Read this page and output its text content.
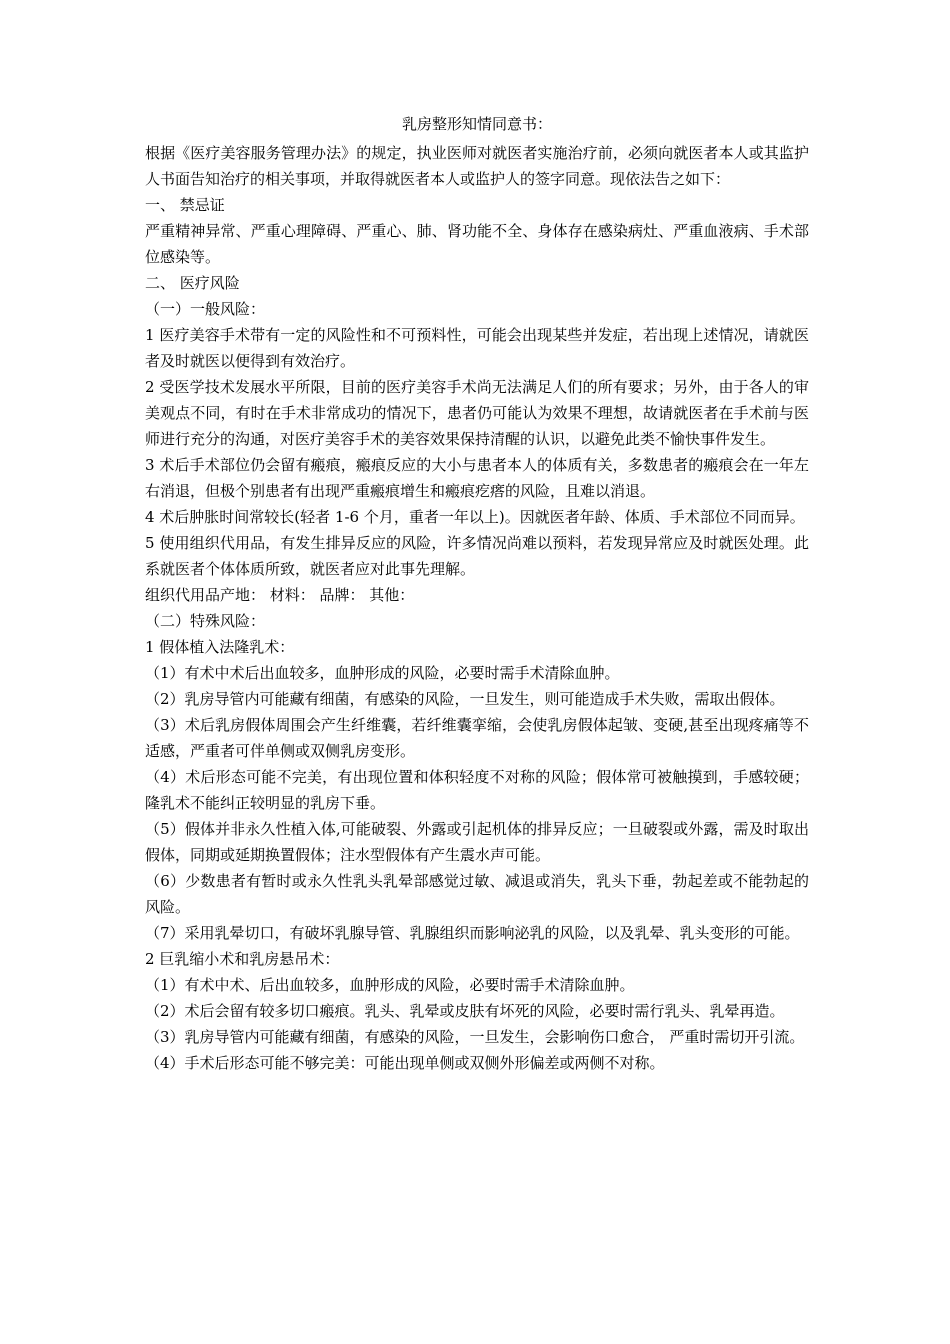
乳房整形知情同意书：

根据《医疗美容服务管理办法》的规定，执业医师对就医者实施治疗前，必须向就医者本人或其监护人书面告知治疗的相关事项，并取得就医者本人或监护人的签字同意。现依法告之如下：

一、 禁忌证

严重精神异常、严重心理障碍、严重心、肺、肾功能不全、身体存在感染病灶、严重血液病、手术部位感染等。

二、 医疗风险

（一）一般风险：

1 医疗美容手术带有一定的风险性和不可预料性，可能会出现某些并发症，若出现上述情况，请就医者及时就医以便得到有效治疗。

2 受医学技术发展水平所限，目前的医疗美容手术尚无法满足人们的所有要求；另外，由于各人的审美观点不同，有时在手术非常成功的情况下，患者仍可能认为效果不理想，故请就医者在手术前与医师进行充分的沟通，对医疗美容手术的美容效果保持清醒的认识，以避免此类不愉快事件发生。

3 术后手术部位仍会留有瘢痕，瘢痕反应的大小与患者本人的体质有关，多数患者的瘢痕会在一年左右消退，但极个别患者有出现严重瘢痕增生和瘢痕疙瘩的风险，且难以消退。

4 术后肿胀时间常较长(轻者 1-6 个月，重者一年以上)。因就医者年龄、体质、手术部位不同而异。

5 使用组织代用品，有发生排异反应的风险，许多情况尚难以预料，若发现异常应及时就医处理。此系就医者个体体质所致，就医者应对此事先理解。

组织代用品产地： 材料： 品牌： 其他：

（二）特殊风险：

1 假体植入法隆乳术：

（1）有术中术后出血较多，血肿形成的风险，必要时需手术清除血肿。

（2）乳房导管内可能藏有细菌，有感染的风险，一旦发生，则可能造成手术失败，需取出假体。

（3）术后乳房假体周围会产生纤维囊，若纤维囊挛缩，会使乳房假体起皱、变硬,甚至出现疼痛等不适感，严重者可伴单侧或双侧乳房变形。

（4）术后形态可能不完美，有出现位置和体积轻度不对称的风险；假体常可被触摸到，手感较硬；隆乳术不能纠正较明显的乳房下垂。

（5）假体并非永久性植入体,可能破裂、外露或引起机体的排异反应；一旦破裂或外露，需及时取出假体，同期或延期换置假体；注水型假体有产生震水声可能。

（6）少数患者有暂时或永久性乳头乳晕部感觉过敏、减退或消失，乳头下垂，勃起差或不能勃起的风险。

（7）采用乳晕切口，有破坏乳腺导管、乳腺组织而影响泌乳的风险，以及乳晕、乳头变形的可能。

2 巨乳缩小术和乳房悬吊术：

（1）有术中术、后出血较多，血肿形成的风险，必要时需手术清除血肿。

（2）术后会留有较多切口瘢痕。乳头、乳晕或皮肤有坏死的风险，必要时需行乳头、乳晕再造。

（3）乳房导管内可能藏有细菌，有感染的风险，一旦发生，会影响伤口愈合， 严重时需切开引流。

（4）手术后形态可能不够完美：可能出现单侧或双侧外形偏差或两侧不对称。
